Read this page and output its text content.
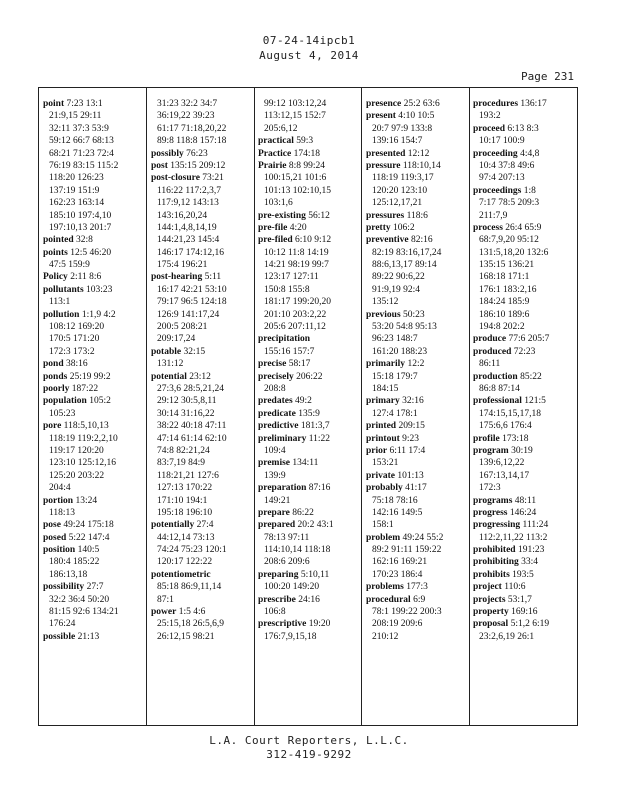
07-24-14ipcb1
August 4, 2014
Page 231
point 7:23 13:1
21:9,15 29:11
32:11 37:3 53:9
59:12 66:7 68:13
68:21 71:23 72:4
76:19 83:15 115:2
118:20 126:23
137:19 151:9
162:23 163:14
185:10 197:4,10
197:10,13 201:7
pointed 32:8
points 12:5 46:20
47:5 159:9
Policy 2:11 8:6
pollutants 103:23
113:1
pollution 1:1,9 4:2
108:12 169:20
170:5 171:20
172:3 173:2
pond 38:16
ponds 25:19 99:2
poorly 187:22
population 105:2
105:23
pore 118:5,10,13
118:19 119:2,2,10
119:17 120:20
123:10 125:12,16
125:20 203:22
204:4
portion 13:24
118:13
pose 49:24 175:18
posed 5:22 147:4
position 140:5
180:4 185:22
186:13,18
possibility 27:7
32:2 36:4 50:20
81:15 92:6 134:21
176:24
possible 21:13
31:23 32:2 34:7
36:19,22 39:23
61:17 71:18,20,22
89:8 118:8 157:18
possibly 76:23
post 135:15 209:12
post-closure 73:21
116:22 117:2,3,7
117:9,12 143:13
143:16,20,24
144:1,4,8,14,19
144:21,23 145:4
146:17 174:12,16
175:4 196:21
post-hearing 5:11
16:17 42:21 53:10
79:17 96:5 124:18
126:9 141:17,24
200:5 208:21
209:17,24
potable 32:15
131:12
potential 23:12
27:3,6 28:5,21,24
29:12 30:5,8,11
30:14 31:16,22
38:22 40:18 47:11
47:14 61:14 62:10
74:8 82:21,24
83:7,19 84:9
118:21,21 127:6
127:13 170:22
171:10 194:1
195:18 196:10
potentially 27:4
44:12,14 73:13
74:24 75:23 120:1
120:17 122:22
potentiometric
85:18 86:9,11,14
87:1
power 1:5 4:6
25:15,18 26:5,6,9
26:12,15 98:21
99:12 103:12,24
113:12,15 152:7
205:6,12
practical 59:3
Practice 174:18
Prairie 8:8 99:24
100:15,21 101:6
101:13 102:10,15
103:1,6
pre-existing 56:12
pre-file 4:20
pre-filed 6:10 9:12
10:12 11:8 14:19
14:21 98:19 99:7
123:17 127:11
150:8 155:8
181:17 199:20,20
201:10 203:2,22
205:6 207:11,12
precipitation
155:16 157:7
precise 58:17
precisely 206:22
208:8
predates 49:2
predicate 135:9
predictive 181:3,7
preliminary 11:22
109:4
premise 134:11
139:9
preparation 87:16
149:21
prepare 86:22
prepared 20:2 43:1
78:13 97:11
114:10,14 118:18
208:6 209:6
preparing 5:10,11
100:20 149:20
prescribe 24:16
106:8
prescriptive 19:20
176:7,9,15,18
presence 25:2 63:6
present 4:10 10:5
20:7 97:9 133:8
139:16 154:7
presented 12:12
pressure 118:10,14
118:19 119:3,17
120:20 123:10
125:12,17,21
pressures 118:6
pretty 106:2
preventive 82:16
82:19 83:16,17,24
88:6,13,17 89:14
89:22 90:6,22
91:9,19 92:4
135:12
previous 50:23
53:20 54:8 95:13
96:23 148:7
161:20 188:23
primarily 12:2
15:18 179:7
184:15
primary 32:16
127:4 178:1
printed 209:15
printout 9:23
prior 6:11 17:4
153:21
private 101:13
probably 41:17
75:18 78:16
142:16 149:5
158:1
problem 49:24 55:2
89:2 91:11 159:22
162:16 169:21
170:23 186:4
problems 177:3
procedural 6:9
78:1 199:22 200:3
208:19 209:6
210:12
procedures 136:17
193:2
proceed 6:13 8:3
10:17 100:9
proceeding 4:4,8
10:4 37:8 49:6
97:4 207:13
proceedings 1:8
7:17 78:5 209:3
211:7,9
process 26:4 65:9
68:7,9,20 95:12
131:5,18,20 132:6
135:15 136:21
168:18 171:1
176:1 183:2,16
184:24 185:9
186:10 189:6
194:8 202:2
produce 77:6 205:7
produced 72:23
86:11
production 85:22
86:8 87:14
professional 121:5
174:15,15,17,18
175:6,6 176:4
profile 173:18
program 30:19
139:6,12,22
167:13,14,17
172:3
programs 48:11
progress 146:24
progressing 111:24
112:2,11,22 113:2
prohibited 191:23
prohibiting 33:4
prohibits 193:5
project 110:6
projects 53:1,7
property 169:16
proposal 5:1,2 6:19
23:2,6,19 26:1
L.A. Court Reporters, L.L.C.
312-419-9292
